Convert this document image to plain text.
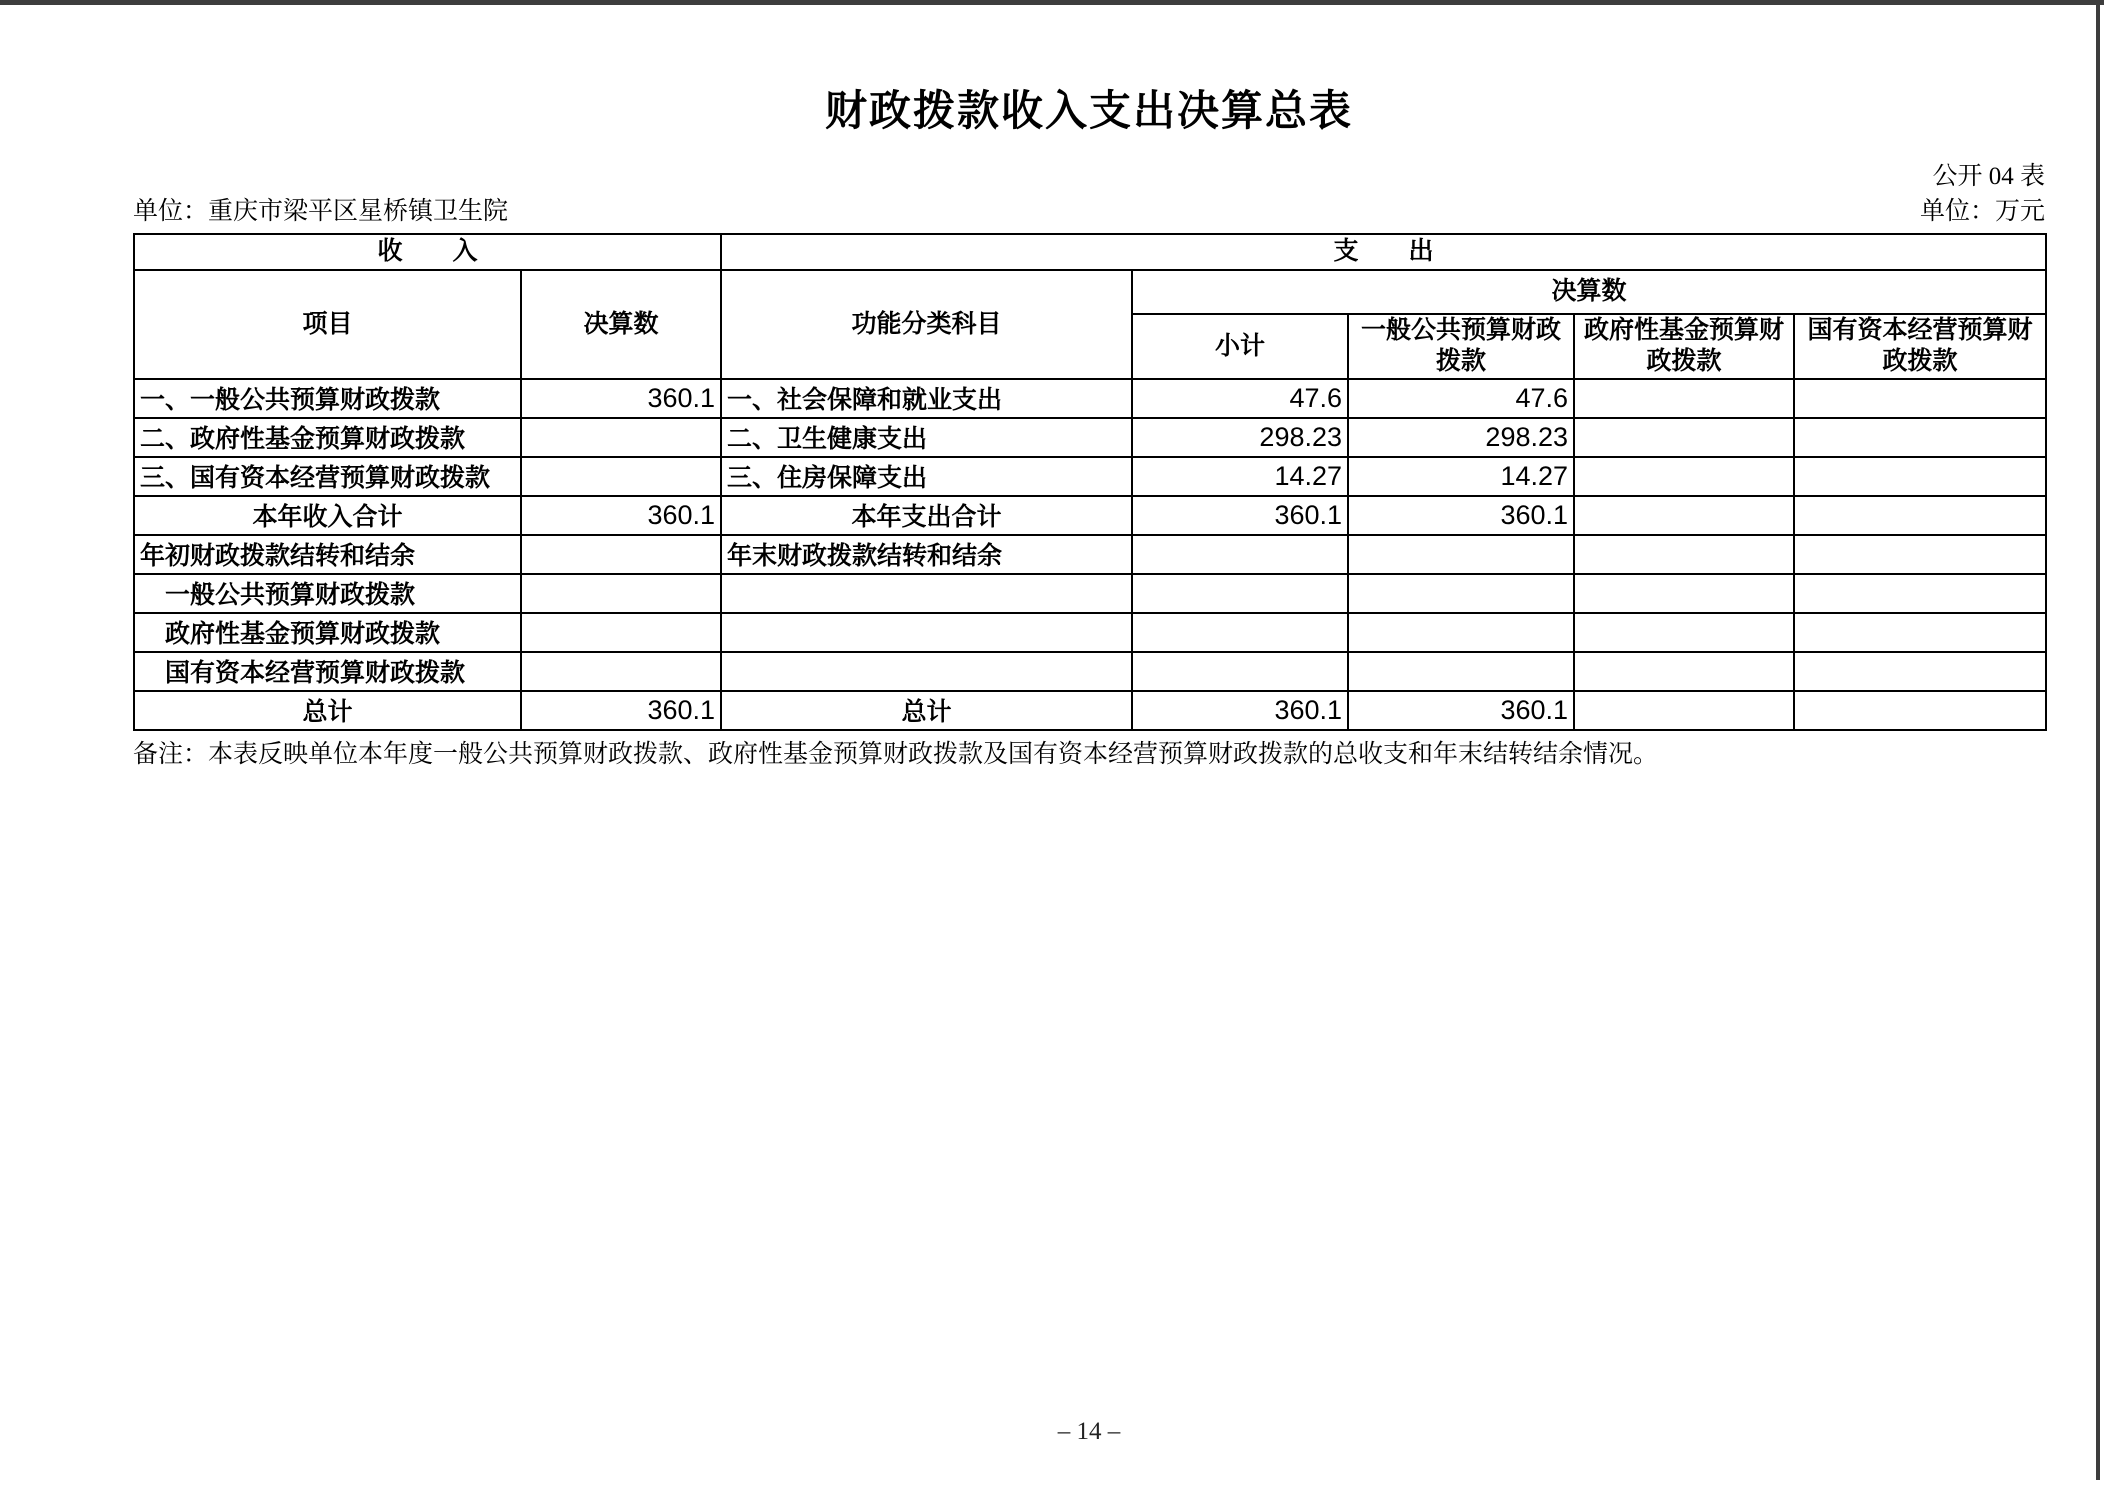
财政拨款收入支出决算总表
公开 04 表
单位：重庆市梁平区星桥镇卫生院	单位：万元
收　　入		支　　出				
项目	决算数	功能分类科目	决算数			
			小计	一般公共预算财政拨款	政府性基金预算财政拨款	国有资本经营预算财政拨款
一、一般公共预算财政拨款	360.1	一、社会保障和就业支出	47.6	47.6		
二、政府性基金预算财政拨款		二、卫生健康支出	298.23	298.23		
三、国有资本经营预算财政拨款		三、住房保障支出	14.27	14.27		
本年收入合计	360.1	本年支出合计	360.1	360.1		
年初财政拨款结转和结余		年末财政拨款结转和结余				
一般公共预算财政拨款						
政府性基金预算财政拨款						
国有资本经营预算财政拨款						
总计	360.1	总计	360.1	360.1		
备注：本表反映单位本年度一般公共预算财政拨款、政府性基金预算财政拨款及国有资本经营预算财政拨款的总收支和年末结转结余情况。
– 14 –
